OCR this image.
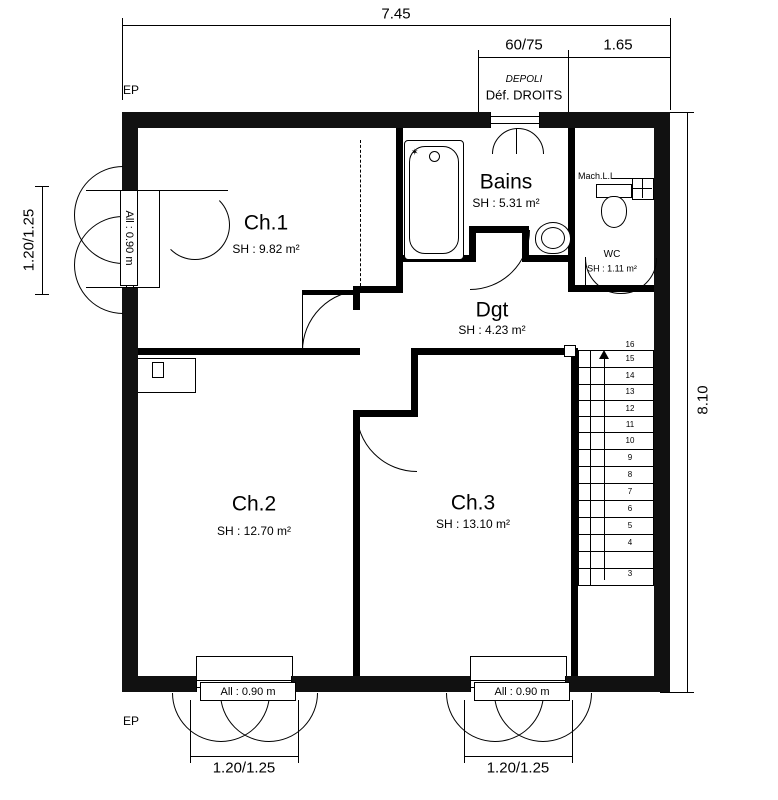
7.45
60/75	1.65
DEPOLI
Déf. DROITS
EP
EP
8.10
1.20/1.25
1.20/1.25	1.20/1.25
All : 0.90 m
All : 0.90 m	All : 0.90 m
✶
16
15
14
13
12
11
10
9
8
7
6
5
4
3
Ch.1
SH : 9.82 m²
Bains
SH : 5.31 m²
WC
SH : 1.11 m²
Dgt
SH : 4.23 m²
Ch.2
SH : 12.70 m²
Ch.3
SH : 13.10 m²
Mach.L.L.
